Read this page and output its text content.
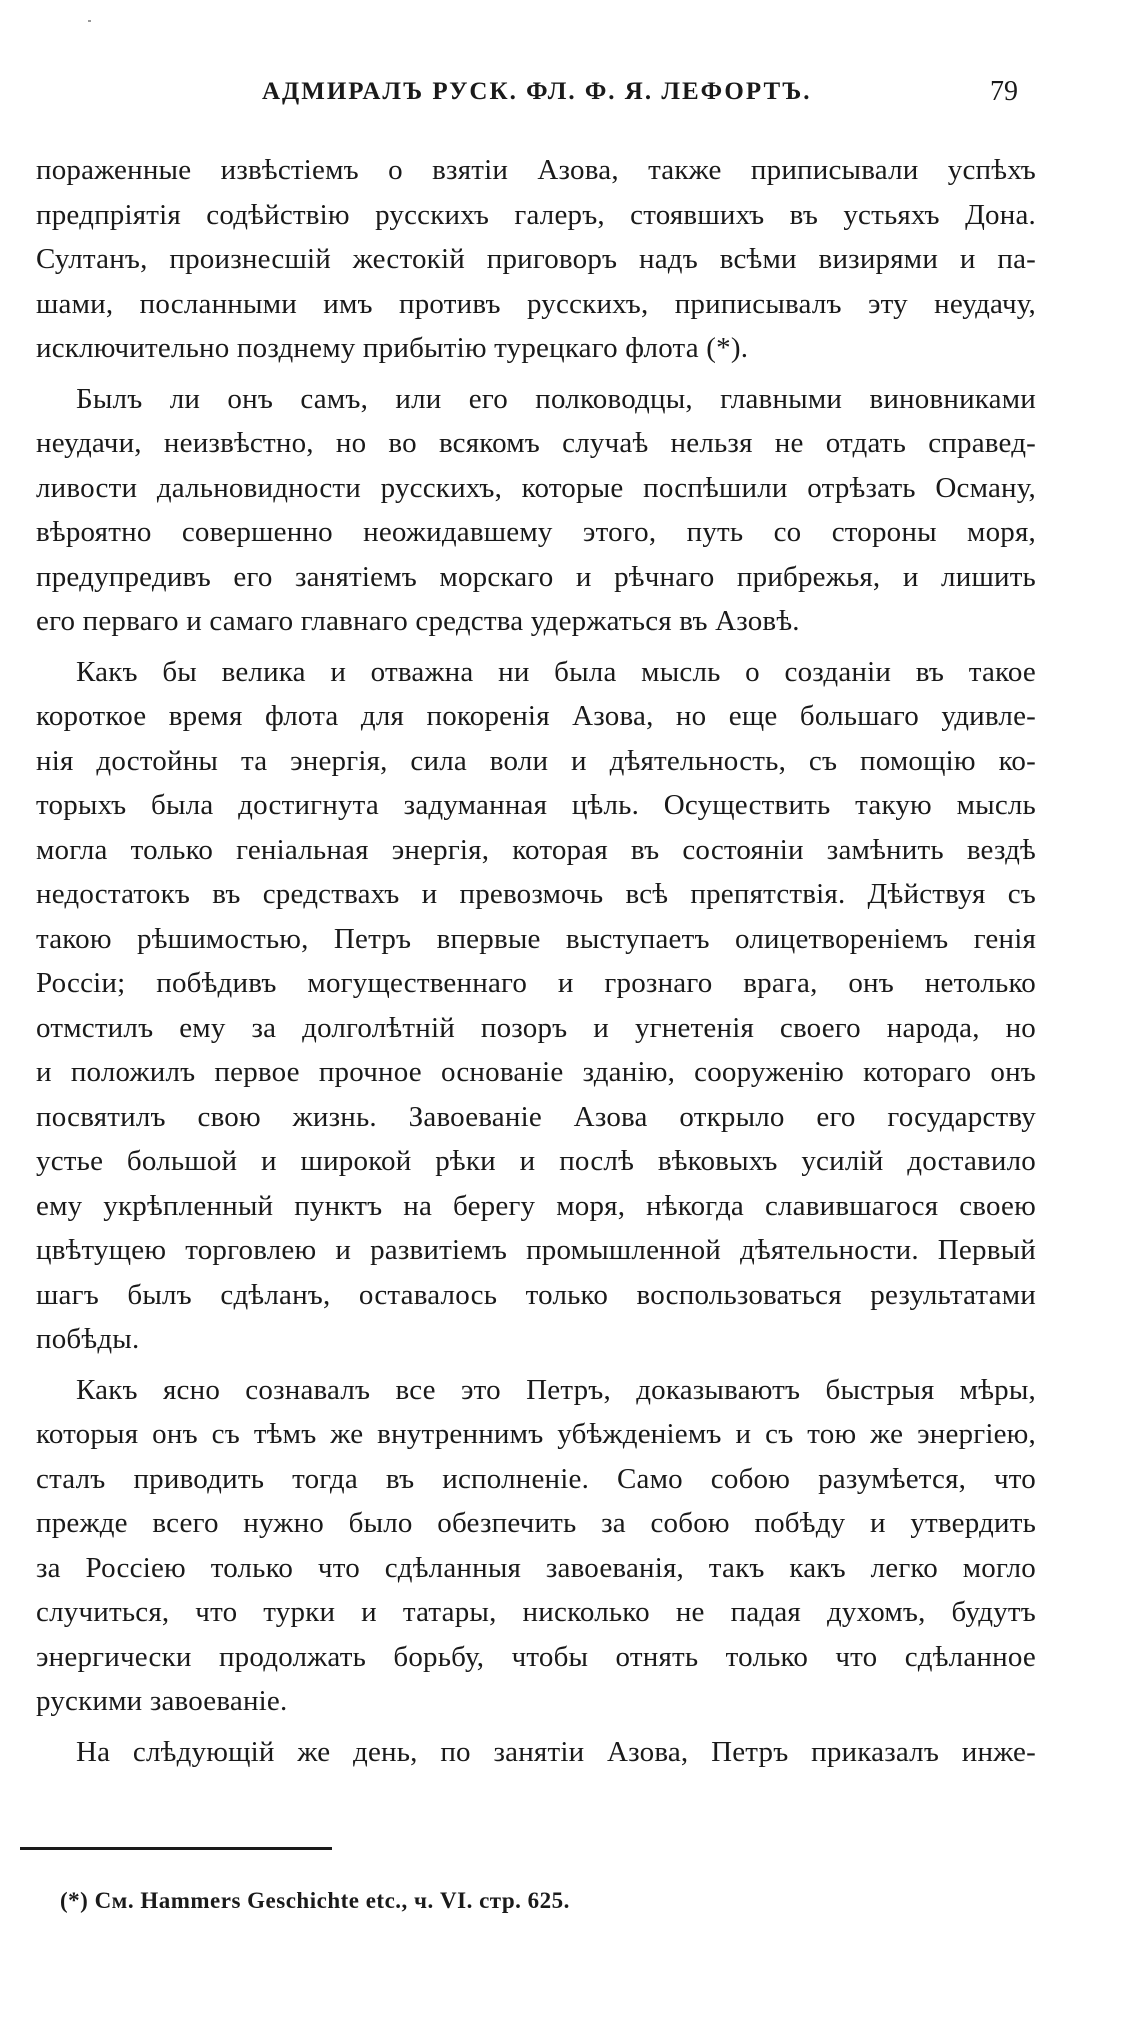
АДМИРАЛЪ РУСК. ФЛ. Ф. Я. ЛЕФОРТЪ.	79
пораженные извѣстіемъ о взятіи Азова, также приписывали успѣхъ
предпріятія содѣйствію русскихъ галеръ, стоявшихъ въ устьяхъ Дона.
Султанъ, произнесшій жестокій приговоръ надъ всѣми визирями и па-
шами, посланными имъ противъ русскихъ, приписывалъ эту неудачу,
исключительно позднему прибытію турецкаго флота (*).
Былъ ли онъ самъ, или его полководцы, главными виновниками
неудачи, неизвѣстно, но во всякомъ случаѣ нельзя не отдать справед-
ливости дальновидности русскихъ, которые поспѣшили отрѣзать Осману,
вѣроятно совершенно неожидавшему этого, путь со стороны моря,
предупредивъ его занятіемъ морскаго и рѣчнаго прибрежья, и лишить
его перваго и самаго главнаго средства удержаться въ Азовѣ.
Какъ бы велика и отважна ни была мысль о созданіи въ такое
короткое время флота для покоренія Азова, но еще большаго удивле-
нія достойны та энергія, сила воли и дѣятельность, съ помощію ко-
торыхъ была достигнута задуманная цѣль. Осуществить такую мысль
могла только геніальная энергія, которая въ состояніи замѣнить вездѣ
недостатокъ въ средствахъ и превозмочь всѣ препятствія. Дѣйствуя съ
такою рѣшимостью, Петръ впервые выступаетъ олицетвореніемъ генія
Россіи; побѣдивъ могущественнаго и грознаго врага, онъ нетолько
отмстилъ ему за долголѣтній позоръ и угнетенія своего народа, но
и положилъ первое прочное основаніе зданію, сооруженію котораго онъ
посвятилъ свою жизнь. Завоеваніе Азова открыло его государству
устье большой и широкой рѣки и послѣ вѣковыхъ усилій доставило
ему укрѣпленный пунктъ на берегу моря, нѣкогда славившагося своею
цвѣтущею торговлею и развитіемъ промышленной дѣятельности. Первый
шагъ былъ сдѣланъ, оставалось только воспользоваться результатами
побѣды.
Какъ ясно сознавалъ все это Петръ, доказываютъ быстрыя мѣры,
которыя онъ съ тѣмъ же внутреннимъ убѣжденіемъ и съ тою же энергіею,
сталъ приводить тогда въ исполненіе. Само собою разумѣется, что
прежде всего нужно было обезпечить за собою побѣду и утвердить
за Россіею только что сдѣланныя завоеванія, такъ какъ легко могло
случиться, что турки и татары, нисколько не падая духомъ, будутъ
энергически продолжать борьбу, чтобы отнять только что сдѣланное
рускими завоеваніе.
На слѣдующій же день, по занятіи Азова, Петръ приказалъ инже-
(*) См. Hammers Geschichte etc., ч. VI. стр. 625.
